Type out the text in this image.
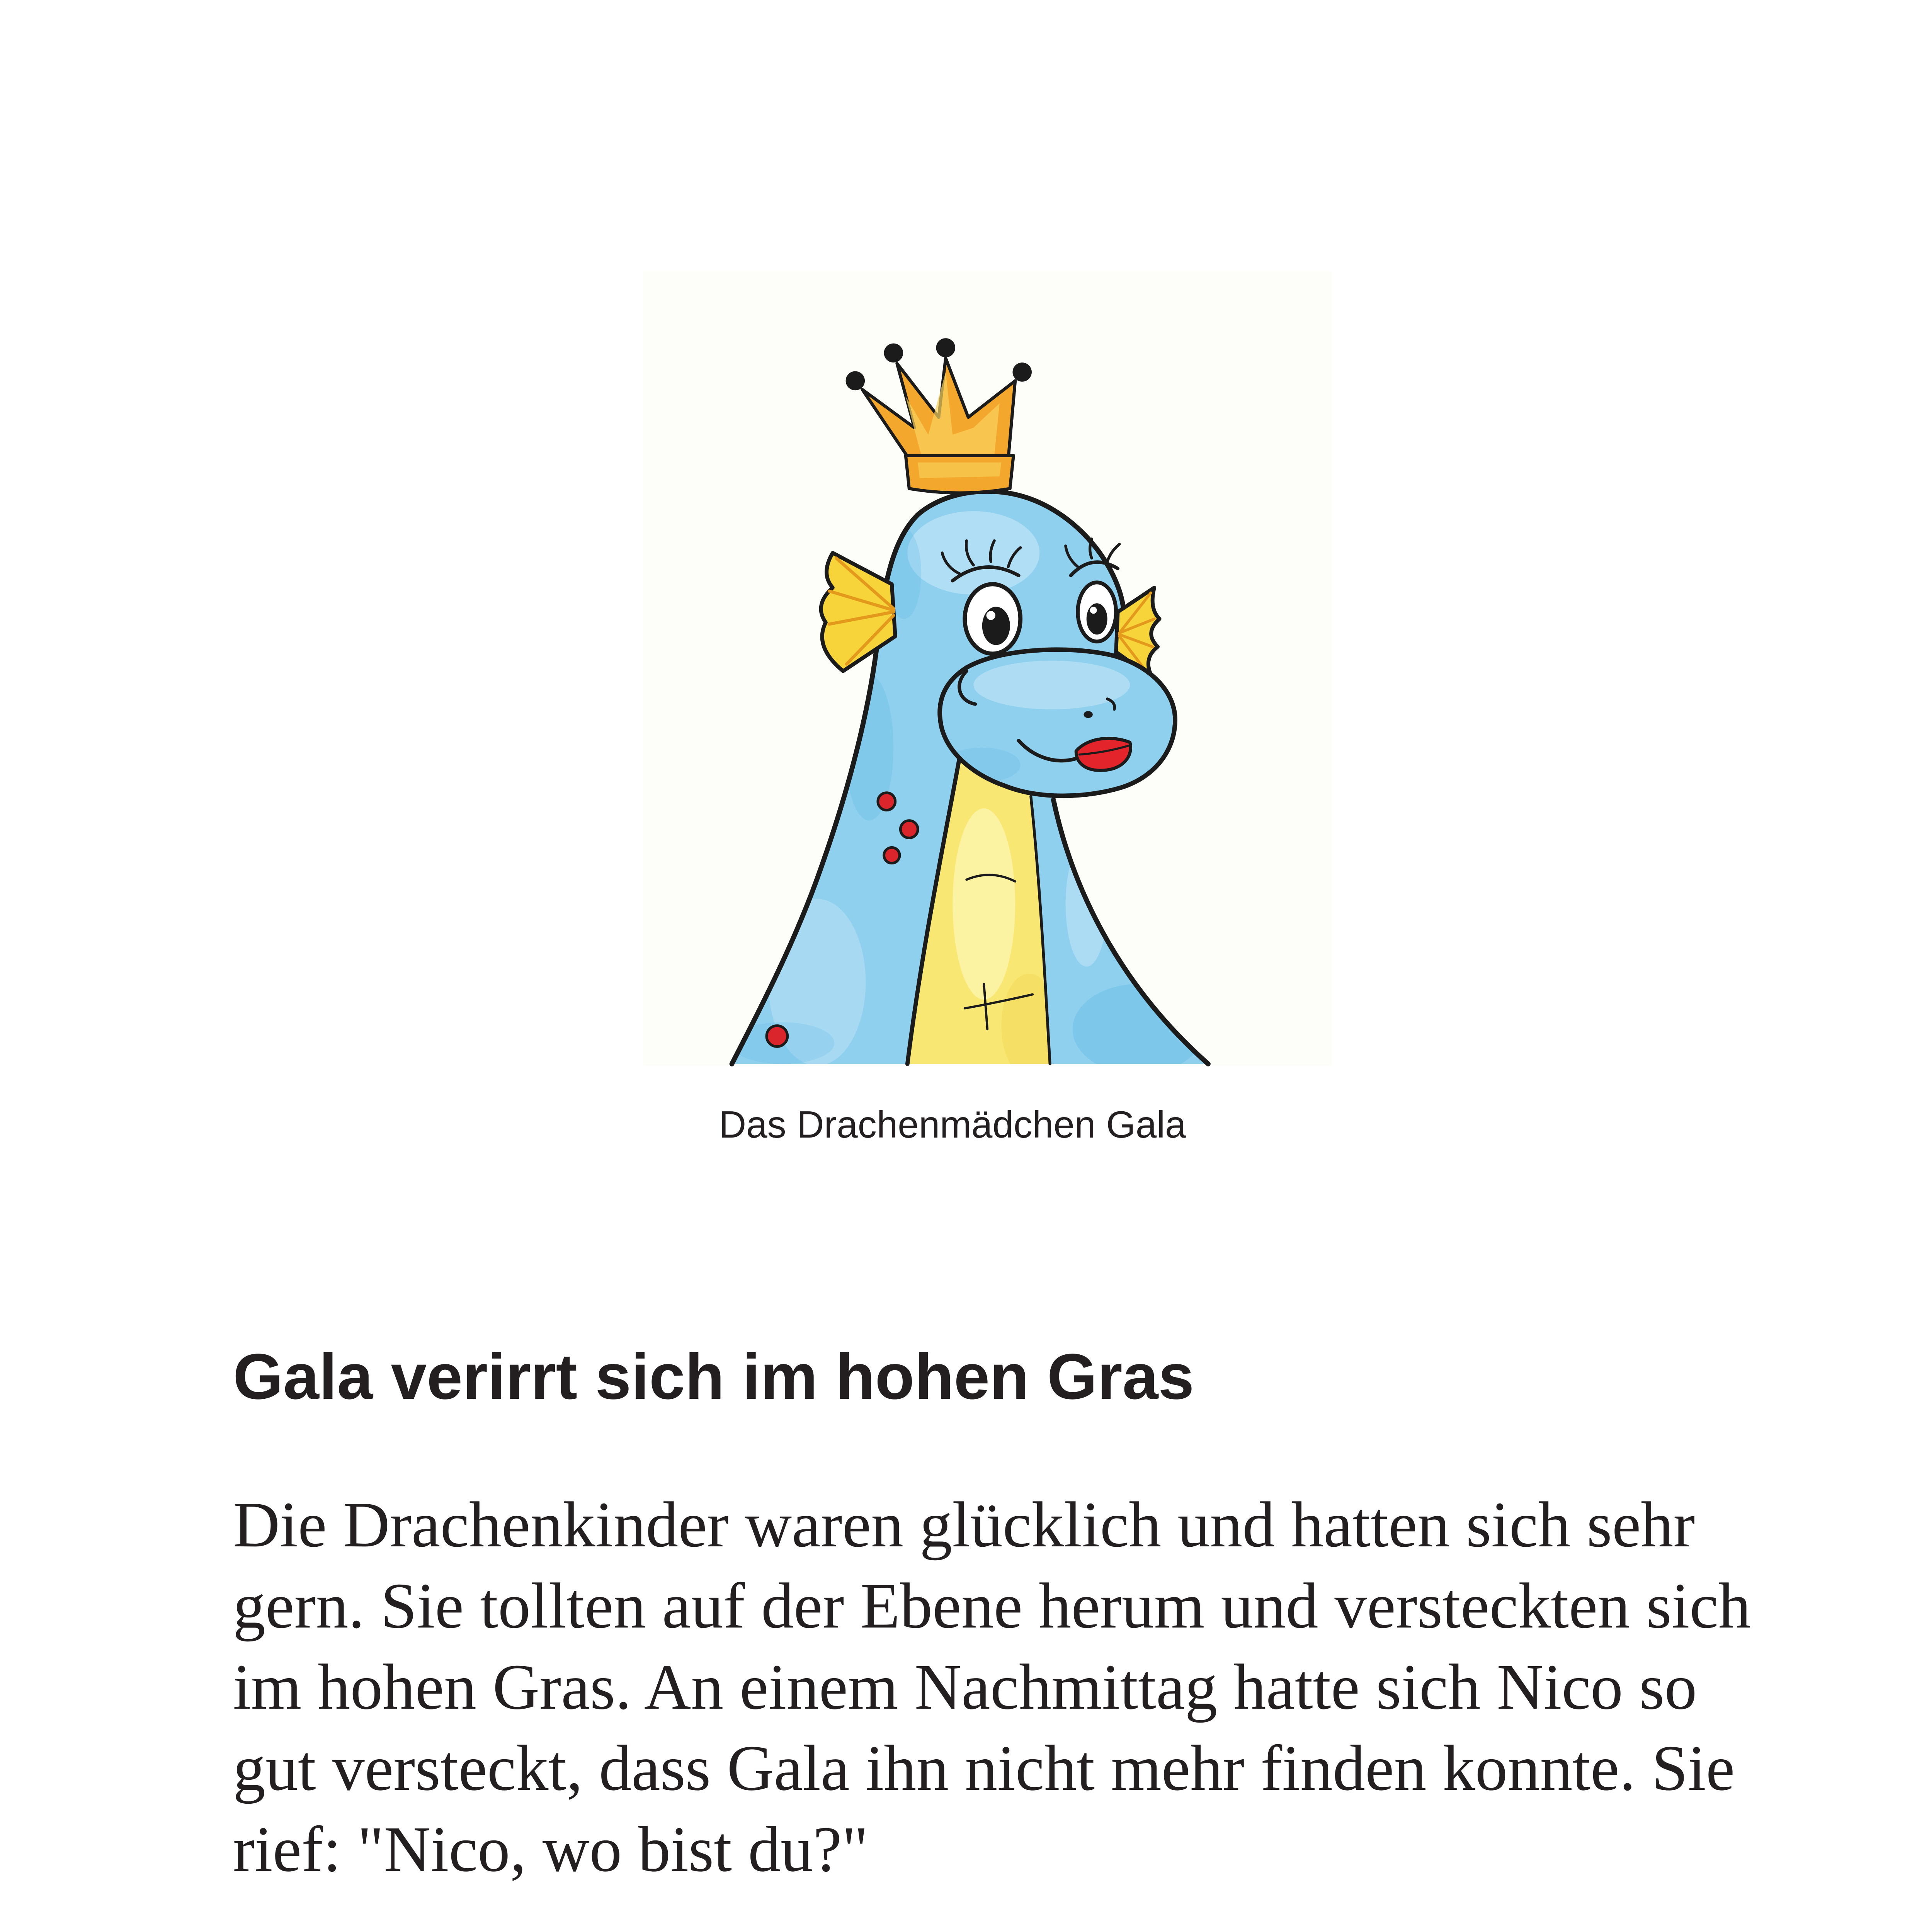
Das Drachenmädchen Gala
Gala verirrt sich im hohen Gras

Die Drachenkinder waren glücklich und hatten sich sehr
gern. Sie tollten auf der Ebene herum und versteckten sich
im hohen Gras. An einem Nachmittag hatte sich Nico so
gut versteckt, dass Gala ihn nicht mehr finden konnte. Sie
rief: "Nico, wo bist du?"
